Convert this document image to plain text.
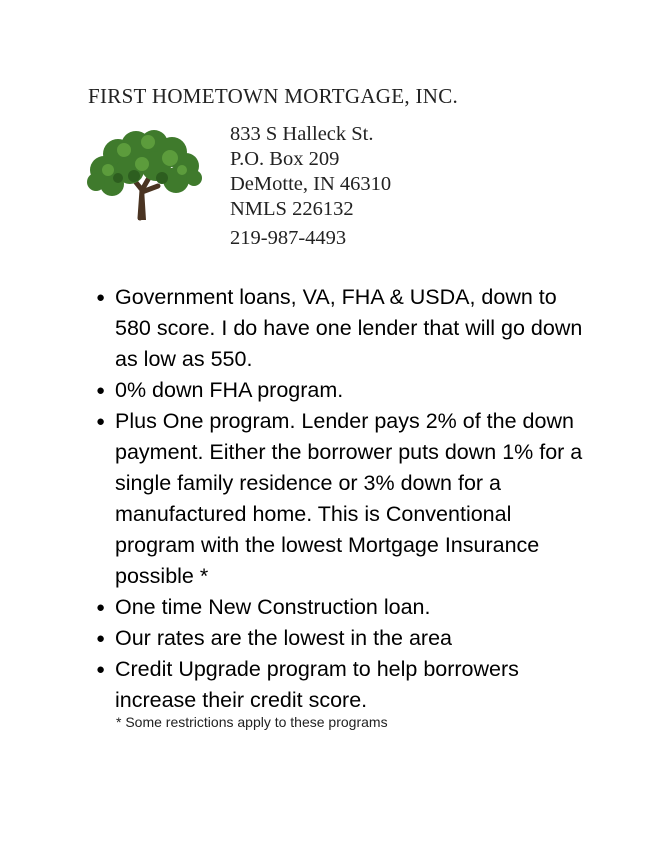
FIRST HOMETOWN MORTGAGE, INC.
833 S Halleck St.
P.O. Box 209
DeMotte, IN 46310
NMLS 226132
219-987-4493
● Government loans, VA, FHA & USDA, down to 580 score. I do have one lender that will go down as low as 550.
● 0% down FHA program.
● Plus One program. Lender pays 2% of the down payment. Either the borrower puts down 1% for a single family residence or 3% down for a manufactured home. This is Conventional program with the lowest Mortgage Insurance possible *
● One time New Construction loan.
● Our rates are the lowest in the area
● Credit Upgrade program to help borrowers increase their credit score.
* Some restrictions apply to these programs
